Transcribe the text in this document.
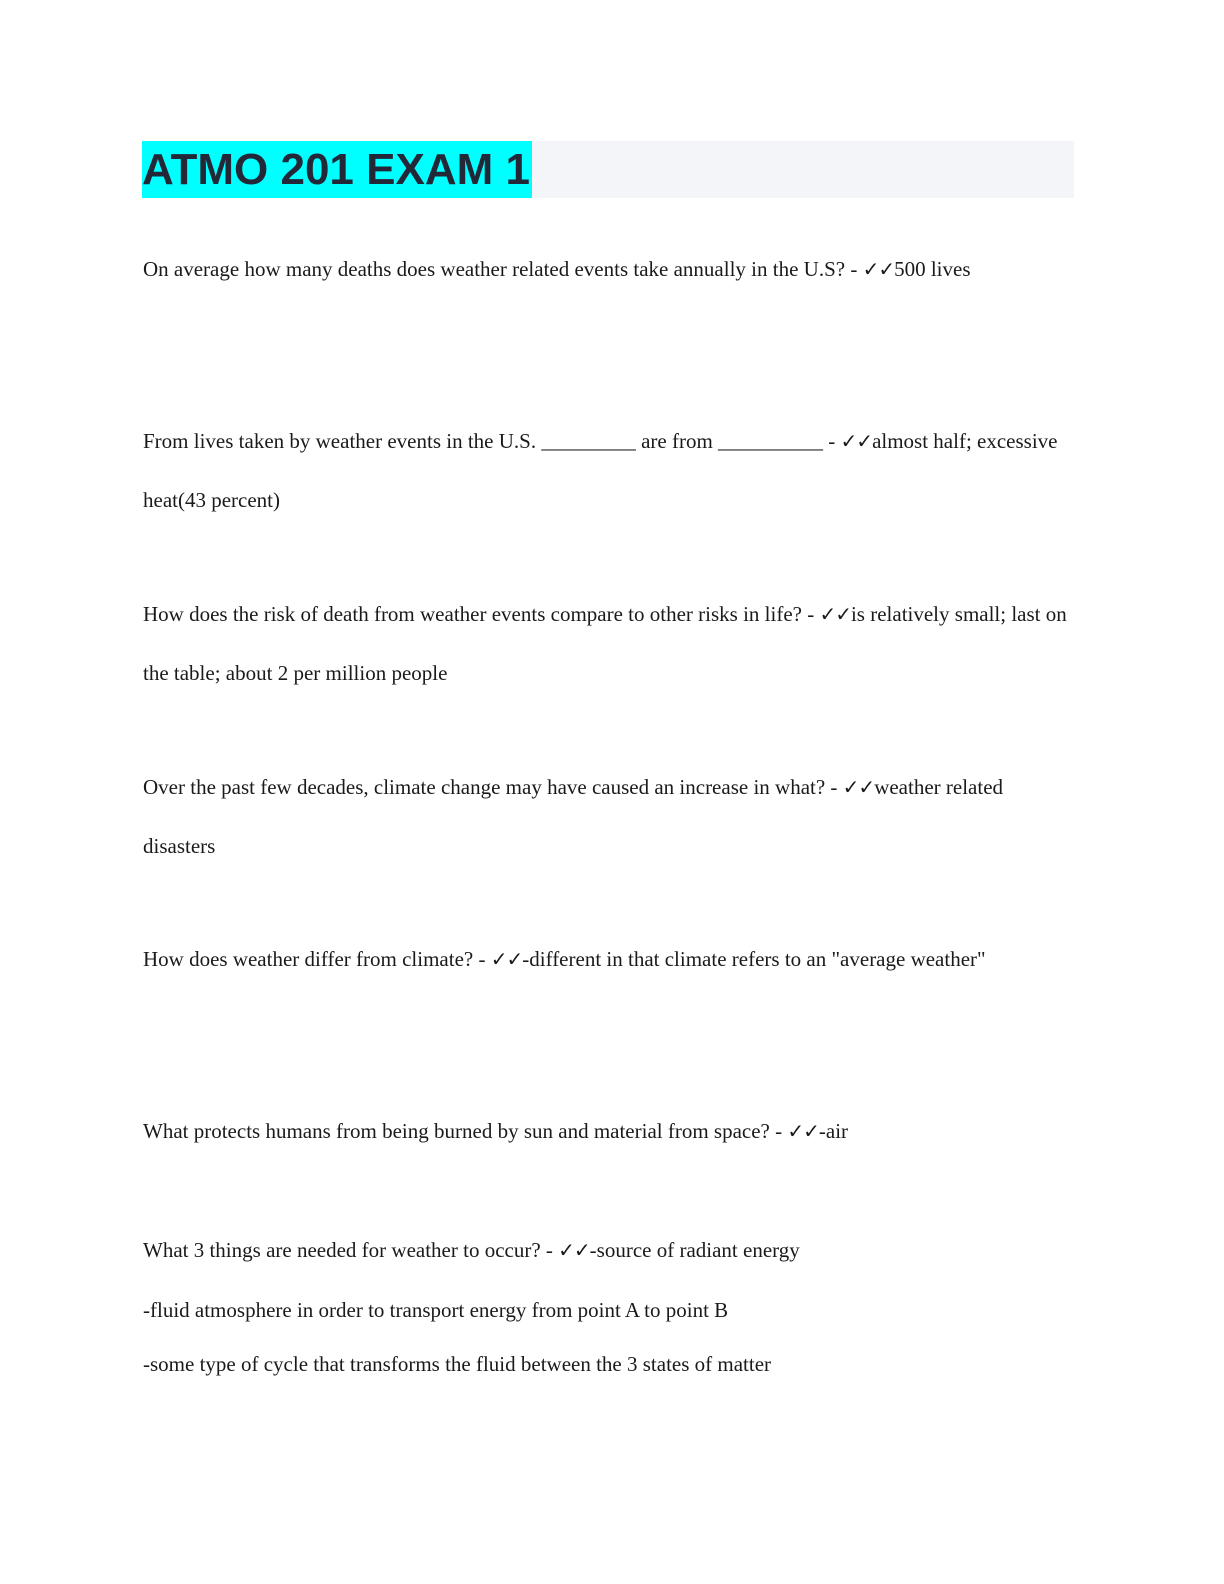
ATMO 201 EXAM 1

On average how many deaths does weather related events take annually in the U.S? - ✓✓500 lives

From lives taken by weather events in the U.S. _________ are from __________ - ✓✓almost half; excessive heat(43 percent)

How does the risk of death from weather events compare to other risks in life? - ✓✓is relatively small; last on the table; about 2 per million people

Over the past few decades, climate change may have caused an increase in what? - ✓✓weather related disasters

How does weather differ from climate? - ✓✓-different in that climate refers to an "average weather"

What protects humans from being burned by sun and material from space? - ✓✓-air

What 3 things are needed for weather to occur? - ✓✓-source of radiant energy

-fluid atmosphere in order to transport energy from point A to point B

-some type of cycle that transforms the fluid between the 3 states of matter
